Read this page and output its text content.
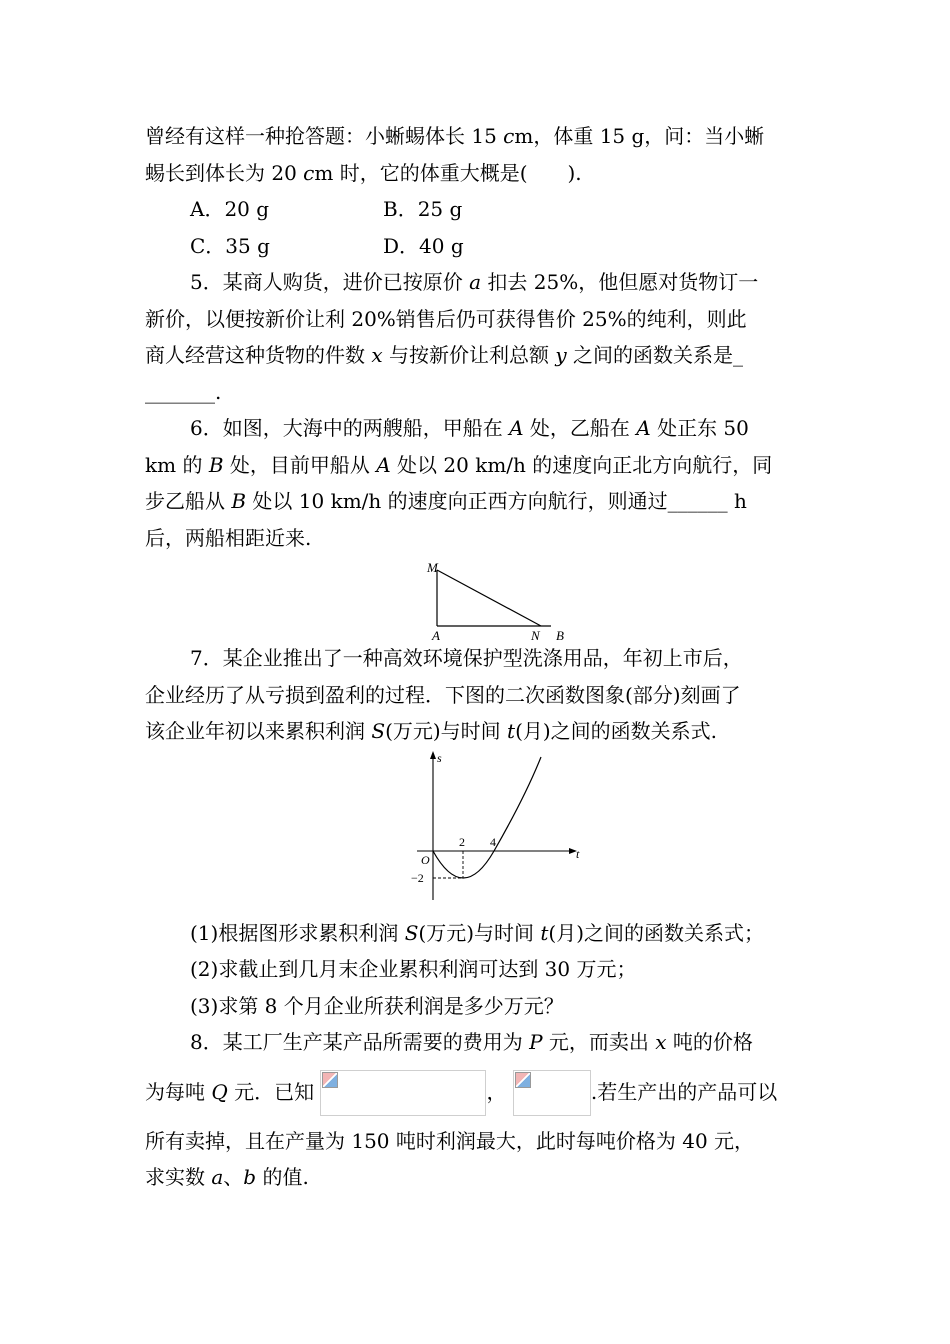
曾经有这样一种抢答题：小蜥蜴体长 15 cm，体重 15 g，问：当小蜥
蜴长到体长为 20 cm 时，它的体重大概是(　　).
A．20 g	B．25 g
C．35 g	D．40 g
5．某商人购货，进价已按原价 a 扣去 25%，他但愿对货物订一
新价，以便按新价让利 20%销售后仍可获得售价 25%的纯利，则此
商人经营这种货物的件数 x 与按新价让利总额 y 之间的函数关系是_
_______.
6．如图，大海中的两艘船，甲船在 A 处，乙船在 A 处正东 50
km 的 B 处，目前甲船从 A 处以 20 km/h 的速度向正北方向航行，同
步乙船从 B 处以 10 km/h 的速度向正西方向航行，则通过______ h
后，两船相距近来.
M
A	N B
7．某企业推出了一种高效环境保护型洗涤用品，年初上市后，
企业经历了从亏损到盈利的过程．下图的二次函数图象(部分)刻画了
该企业年初以来累积利润 S(万元)与时间 t(月)之间的函数关系式.
s
t
O
2 4
−2
(1)根据图形求累积利润 S(万元)与时间 t(月)之间的函数关系式；
(2)求截止到几月末企业累积利润可达到 30 万元；
(3)求第 8 个月企业所获利润是多少万元？
8．某工厂生产某产品所需要的费用为 P 元，而卖出 x 吨的价格
为每吨 Q 元．已知	，	.若生产出的产品可以
所有卖掉，且在产量为 150 吨时利润最大，此时每吨价格为 40 元，
求实数 a、b 的值.
